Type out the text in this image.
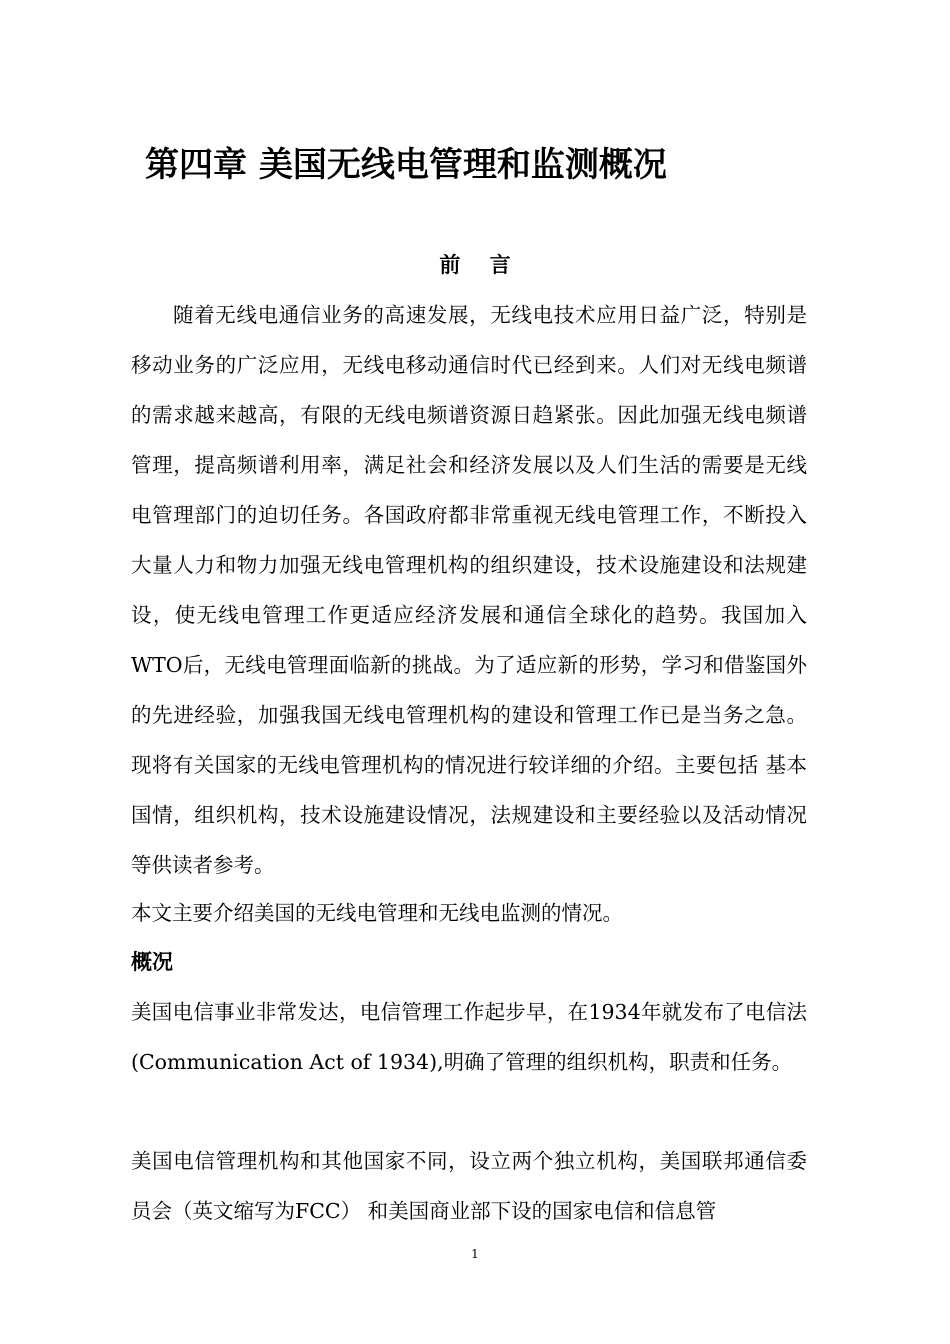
第四章 美国无线电管理和监测概况
前    言

随着无线电通信业务的高速发展，无线电技术应用日益广泛，特别是移动业务的广泛应用，无线电移动通信时代已经到来。人们对无线电频谱的需求越来越高，有限的无线电频谱资源日趋紧张。因此加强无线电频谱管理，提高频谱利用率，满足社会和经济发展以及人们生活的需要是无线电管理部门的迫切任务。各国政府都非常重视无线电管理工作，不断投入大量人力和物力加强无线电管理机构的组织建设，技术设施建设和法规建设，使无线电管理工作更适应经济发展和通信全球化的趋势。我国加入WTO后，无线电管理面临新的挑战。为了适应新的形势，学习和借鉴国外的先进经验，加强我国无线电管理机构的建设和管理工作已是当务之急。现将有关国家的无线电管理机构的情况进行较详细的介绍。主要包括 基本国情，组织机构，技术设施建设情况，法规建设和主要经验以及活动情况等供读者参考。

本文主要介绍美国的无线电管理和无线电监测的情况。

概况

美国电信事业非常发达，电信管理工作起步早，在1934年就发布了电信法(Communication Act of 1934),明确了管理的组织机构，职责和任务。

美国电信管理机构和其他国家不同，设立两个独立机构，美国联邦通信委员会（英文缩写为FCC） 和美国商业部下设的国家电信和信息管

1
